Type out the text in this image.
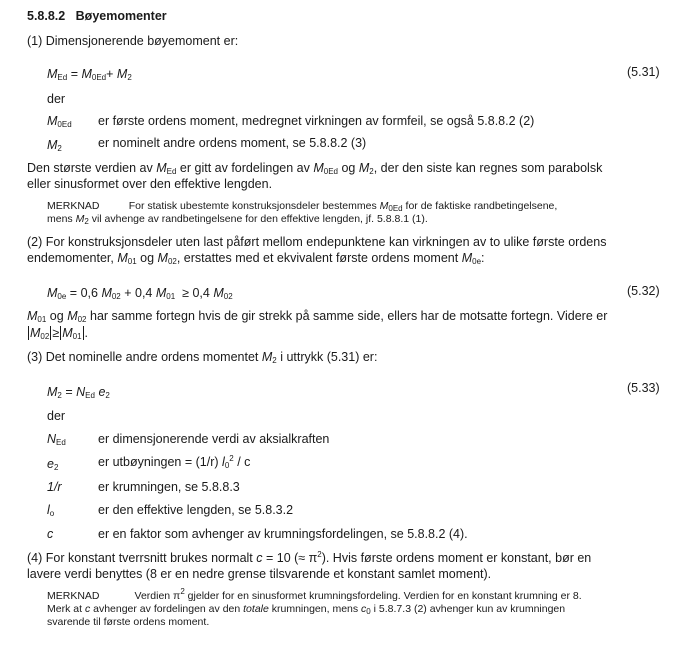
5.8.8.2 Bøyemomenter
(1) Dimensjonerende bøyemoment er:
$M_{Ed} = M_{0Ed}+ M_2$	(5.31)
der
$M_{0Ed}$ er første ordens moment, medregnet virkningen av formfeil, se også 5.8.8.2 (2)
$M_2$	er nominelt andre ordens moment, se 5.8.8.2 (3)
Den største verdien av $M_{Ed}$ er gitt av fordelingen av $M_{0Ed}$ og $M_2$, der den siste kan regnes som parabolsk
eller sinusformet over den effektive lengden.
MERKNAD	For statisk ubestemte konstruksjonsdeler bestemmes $M_{0Ed}$ for de faktiske randbetingelsene,
mens $M_2$ vil avhenge av randbetingelsene for den effektive lengden, jf. 5.8.8.1 (1).
(2) For konstruksjonsdeler uten last påført mellom endepunktene kan virkningen av to ulike første ordens
endemomenter, $M_{01}$ og $M_{02}$, erstattes med et ekvivalent første ordens moment $M_{0e}$:
$M_{0e} = 0,6$ $M_{02} + 0,4$ $M_{01} \ge 0,4$ $M_{02}$	(5.32)
$M_{01}$ og $M_{02}$ har samme fortegn hvis de gir strekk på samme side, ellers har de motsatte fortegn. Videre er
$M_{02} \ge M_{01}$ .
(3) Det nominelle andre ordens momentet $M_2$ i uttrykk (5.31) er:
$M_2 = N_{Ed}$ $e_2$
(5.33)
der
$N_{Ed}$	er dimensjonerende verdi av aksialkraften
$e_2$	er utbøyningen = (1/r) $l_0^2$ / c
1/r	er krumningen, se 5.8.8.3
$l_o$	er den effektive lengden, se 5.8.3.2
c	er en faktor som avhenger av krumningsfordelingen, se 5.8.8.2 (4).
(4) For konstant tverrsnitt brukes normalt c = 10 (≈ $\pi^2$). Hvis første ordens moment er konstant, bør en
lavere verdi benyttes (8 er en nedre grense tilsvarende et konstant samlet moment).
MERKNAD	Verdien $\pi^2$ gjelder for en sinusformet krumningsfordeling. Verdien for en konstant krumning er 8.
Merk at c avhenger av fordelingen av den totale krumningen, mens $c_0$ i 5.8.7.3 (2) avhenger kun av krumningen
svarende til første ordens moment.
